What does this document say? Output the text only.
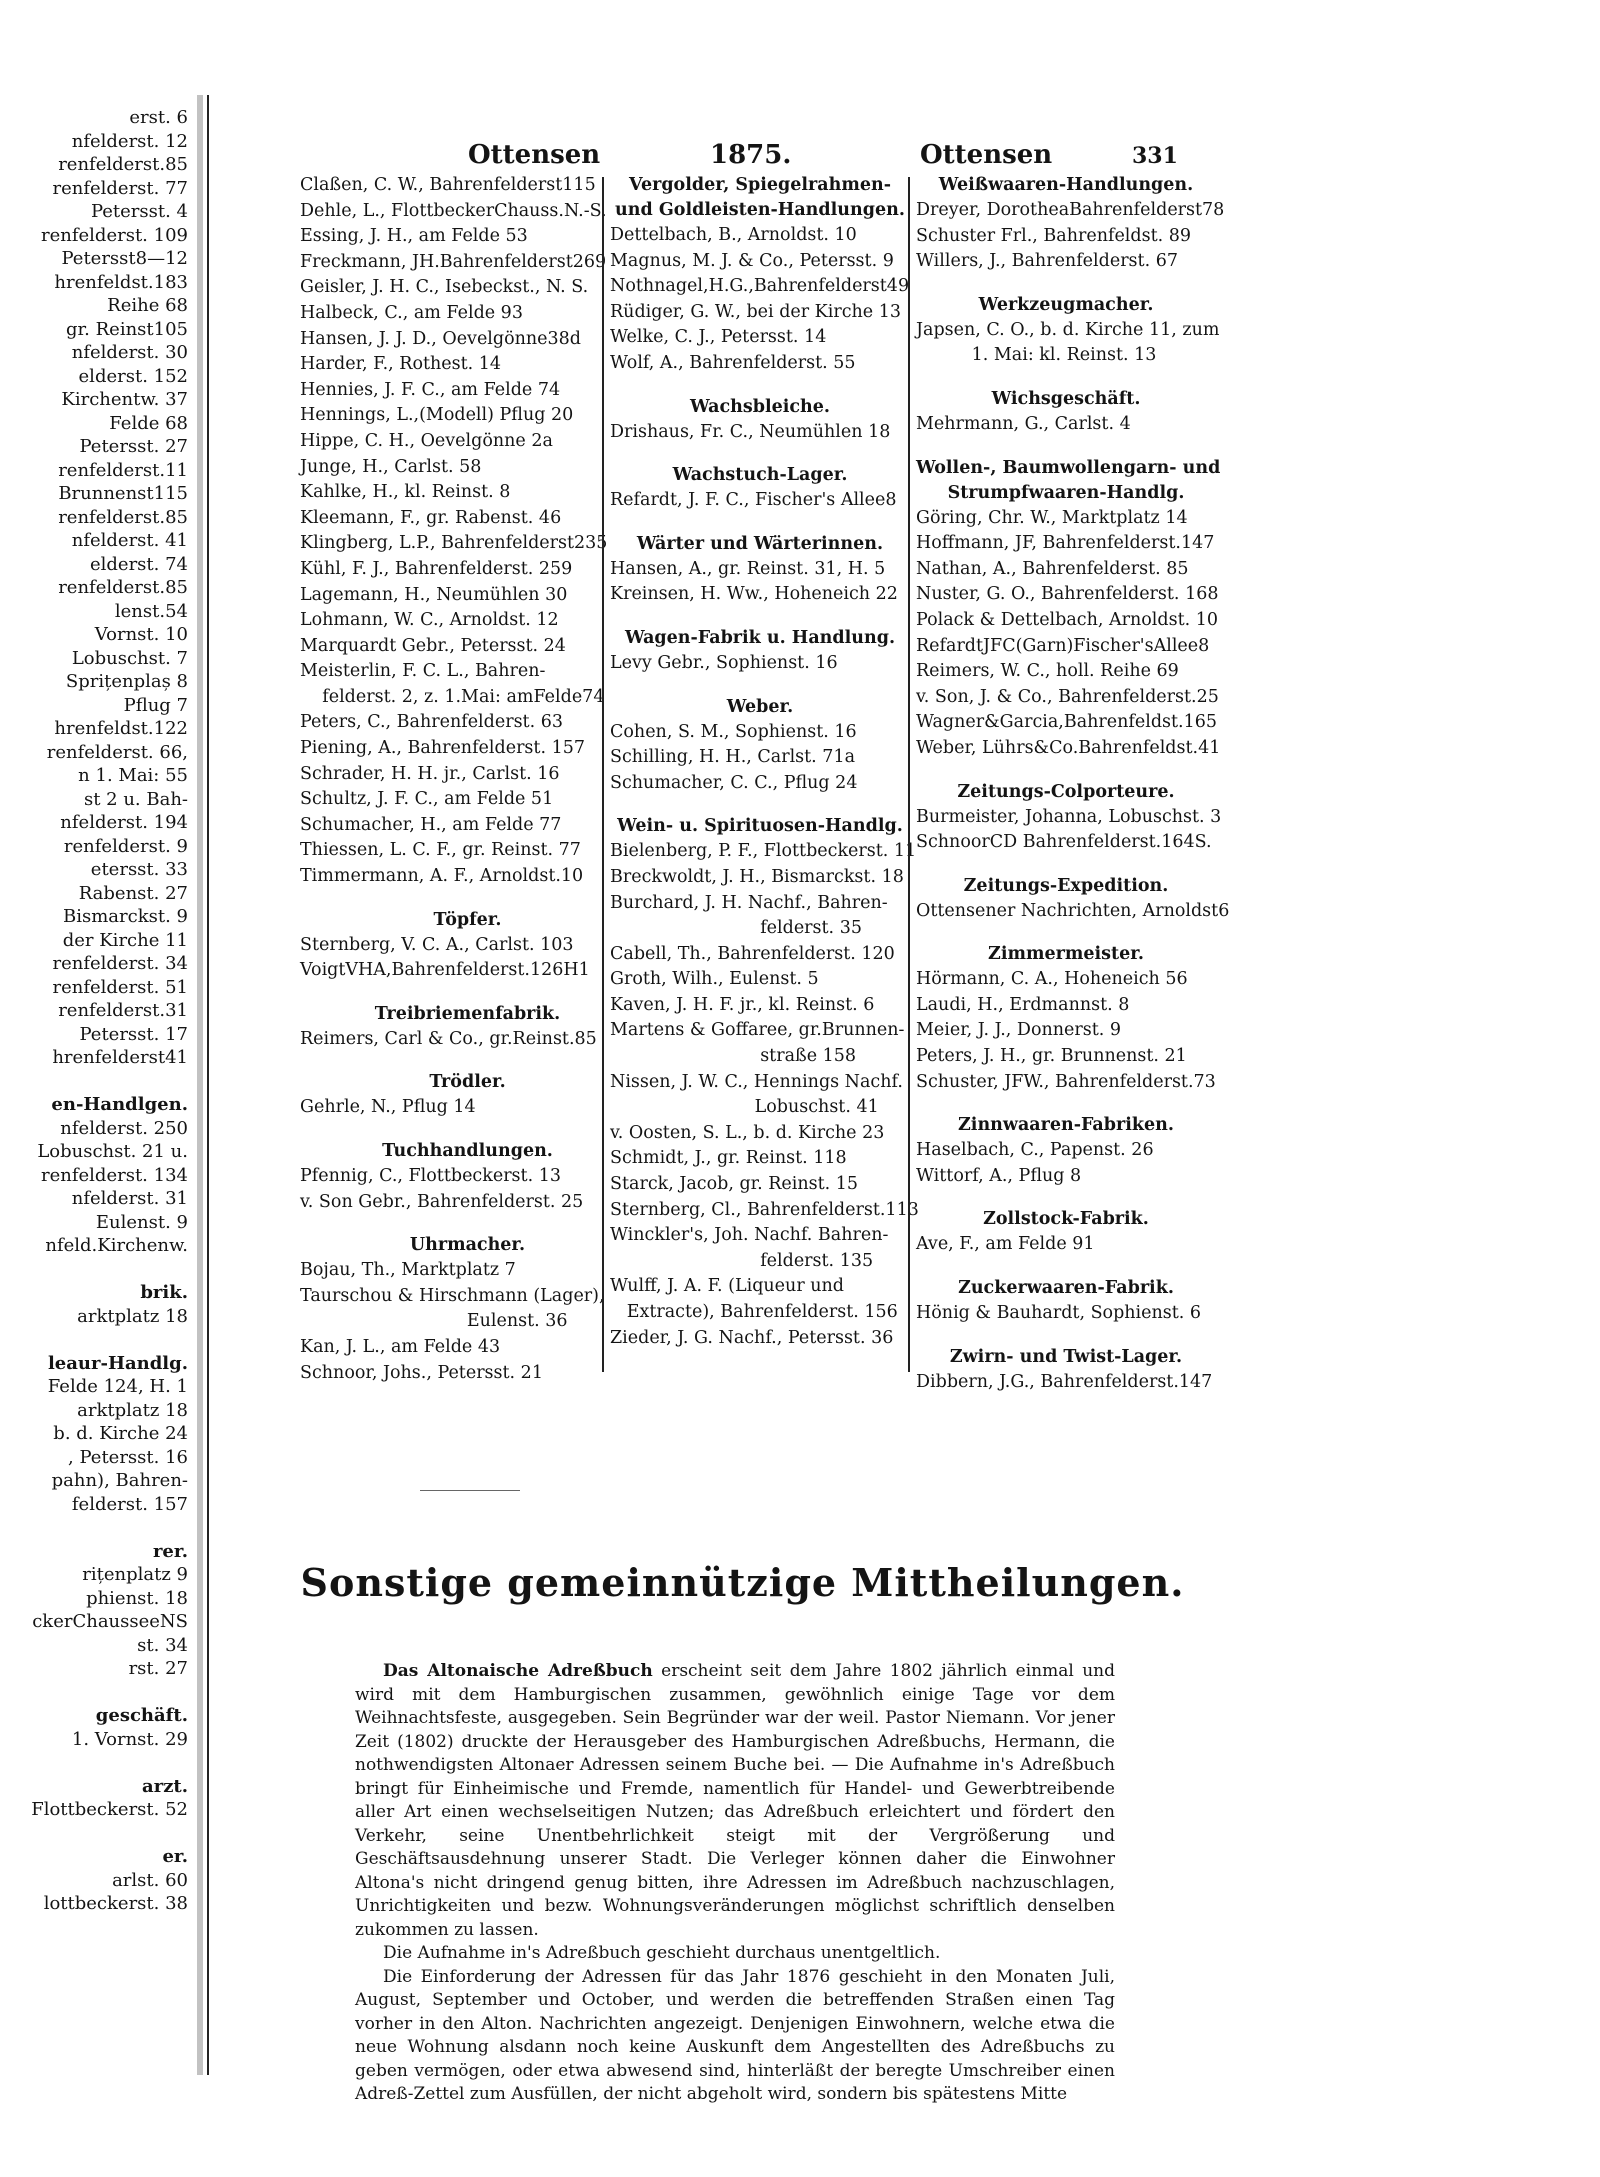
erst. 6
nfelderst. 12
renfelderst.85
renfelderst. 77
Petersst. 4
renfelderst. 109
Petersst8—12
hrenfeldst.183
Reihe 68
gr. Reinst105
nfelderst. 30
elderst. 152
Kirchentw. 37
Felde 68
Petersst. 27
renfelderst.11
Brunnenst115
renfelderst.85
nfelderst. 41
elderst. 74
renfelderst.85
lenst.54
Vornst. 10
Lobuschst. 7
Sprițenplaș 8
Pflug 7
hrenfeldst.122
renfelderst. 66,
n 1. Mai: 55
st 2 u. Bah-
nfelderst. 194
renfelderst. 9
etersst. 33
Rabenst. 27
Bismarckst. 9
der Kirche 11
renfelderst. 34
renfelderst. 51
renfelderst.31
Petersst. 17
hrenfelderst41
en-Handlgen.
nfelderst. 250
Lobuschst. 21 u.
renfelderst. 134
nfelderst. 31
Eulenst. 9
nfeld.Kirchenw.
brik.
arktplatz 18
leaur-Handlg.
Felde 124, H. 1
arktplatz 18
b. d. Kirche 24
, Petersst. 16
pahn), Bahren-
felderst. 157
rer.
rițenplatz 9
phienst. 18
ckerChausseeNS
st. 34
rst. 27
geschäft.
1. Vornst. 29
arzt.
Flottbeckerst. 52
er.
arlst. 60
lottbeckerst. 38
Ottensen	1875.	Ottensen	331
Claßen, C. W., Bahrenfelderst115
Dehle, L., FlottbeckerChauss.N.-S.
Essing, J. H., am Felde 53
Freckmann, JH.Bahrenfelderst269
Geisler, J. H. C., Isebeckst., N. S.
Halbeck, C., am Felde 93
Hansen, J. J. D., Oevelgönne38d
Harder, F., Rothest. 14
Hennies, J. F. C., am Felde 74
Hennings, L.,(Modell) Pflug 20
Hippe, C. H., Oevelgönne 2a
Junge, H., Carlst. 58
Kahlke, H., kl. Reinst. 8
Kleemann, F., gr. Rabenst. 46
Klingberg, L.P., Bahrenfelderst235
Kühl, F. J., Bahrenfelderst. 259
Lagemann, H., Neumühlen 30
Lohmann, W. C., Arnoldst. 12
Marquardt Gebr., Petersst. 24
Meisterlin, F. C. L., Bahren-
felderst. 2, z. 1.Mai: amFelde74
Peters, C., Bahrenfelderst. 63
Piening, A., Bahrenfelderst. 157
Schrader, H. H. jr., Carlst. 16
Schultz, J. F. C., am Felde 51
Schumacher, H., am Felde 77
Thiessen, L. C. F., gr. Reinst. 77
Timmermann, A. F., Arnoldst.10
Töpfer.
Sternberg, V. C. A., Carlst. 103
VoigtVHA,Bahrenfelderst.126H1
Treibriemenfabrik.
Reimers, Carl & Co., gr.Reinst.85
Trödler.
Gehrle, N., Pflug 14
Tuchhandlungen.
Pfennig, C., Flottbeckerst. 13
v. Son Gebr., Bahrenfelderst. 25
Uhrmacher.
Bojau, Th., Marktplatz 7
Taurschou & Hirschmann (Lager),
Eulenst. 36
Kan, J. L., am Felde 43
Schnoor, Johs., Petersst. 21
Vergolder, Spiegelrahmen-
und Goldleisten-Handlungen.
Dettelbach, B., Arnoldst. 10
Magnus, M. J. & Co., Petersst. 9
Nothnagel,H.G.,Bahrenfelderst49
Rüdiger, G. W., bei der Kirche 13
Welke, C. J., Petersst. 14
Wolf, A., Bahrenfelderst. 55
Wachsbleiche.
Drishaus, Fr. C., Neumühlen 18
Wachstuch-Lager.
Refardt, J. F. C., Fischer's Allee8
Wärter und Wärterinnen.
Hansen, A., gr. Reinst. 31, H. 5
Kreinsen, H. Ww., Hoheneich 22
Wagen-Fabrik u. Handlung.
Levy Gebr., Sophienst. 16
Weber.
Cohen, S. M., Sophienst. 16
Schilling, H. H., Carlst. 71a
Schumacher, C. C., Pflug 24
Wein- u. Spirituosen-Handlg.
Bielenberg, P. F., Flottbeckerst. 11
Breckwoldt, J. H., Bismarckst. 18
Burchard, J. H. Nachf., Bahren-
felderst. 35
Cabell, Th., Bahrenfelderst. 120
Groth, Wilh., Eulenst. 5
Kaven, J. H. F. jr., kl. Reinst. 6
Martens & Goffaree, gr.Brunnen-
straße 158
Nissen, J. W. C., Hennings Nachf.
Lobuschst. 41
v. Oosten, S. L., b. d. Kirche 23
Schmidt, J., gr. Reinst. 118
Starck, Jacob, gr. Reinst. 15
Sternberg, Cl., Bahrenfelderst.113
Winckler's, Joh. Nachf. Bahren-
felderst. 135
Wulff, J. A. F. (Liqueur und
Extracte), Bahrenfelderst. 156
Zieder, J. G. Nachf., Petersst. 36
Weißwaaren-Handlungen.
Dreyer, DorotheaBahrenfelderst78
Schuster Frl., Bahrenfeldst. 89
Willers, J., Bahrenfelderst. 67
Werkzeugmacher.
Japsen, C. O., b. d. Kirche 11, zum
1. Mai: kl. Reinst. 13
Wichsgeschäft.
Mehrmann, G., Carlst. 4
Wollen-, Baumwollengarn- und
Strumpfwaaren-Handlg.
Göring, Chr. W., Marktplatz 14
Hoffmann, JF, Bahrenfelderst.147
Nathan, A., Bahrenfelderst. 85
Nuster, G. O., Bahrenfelderst. 168
Polack & Dettelbach, Arnoldst. 10
RefardtJFC(Garn)Fischer'sAllee8
Reimers, W. C., holl. Reihe 69
v. Son, J. & Co., Bahrenfelderst.25
Wagner&Garcia,Bahrenfeldst.165
Weber, Lührs&Co.Bahrenfeldst.41
Zeitungs-Colporteure.
Burmeister, Johanna, Lobuschst. 3
SchnoorCD Bahrenfelderst.164S.
Zeitungs-Expedition.
Ottensener Nachrichten, Arnoldst6
Zimmermeister.
Hörmann, C. A., Hoheneich 56
Laudi, H., Erdmannst. 8
Meier, J. J., Donnerst. 9
Peters, J. H., gr. Brunnenst. 21
Schuster, JFW., Bahrenfelderst.73
Zinnwaaren-Fabriken.
Haselbach, C., Papenst. 26
Wittorf, A., Pflug 8
Zollstock-Fabrik.
Ave, F., am Felde 91
Zuckerwaaren-Fabrik.
Hönig & Bauhardt, Sophienst. 6
Zwirn- und Twist-Lager.
Dibbern, J.G., Bahrenfelderst.147
Sonstige gemeinnützige Mittheilungen.

Das Altonaische Adreßbuch erscheint seit dem Jahre 1802 jährlich einmal und wird mit dem Hamburgischen zusammen, gewöhnlich einige Tage vor dem Weihnachtsfeste, ausgegeben. Sein Begründer war der weil. Pastor Niemann. Vor jener Zeit (1802) druckte der Herausgeber des Hamburgischen Adreßbuchs, Hermann, die nothwendigsten Altonaer Adressen seinem Buche bei. — Die Aufnahme in's Adreßbuch bringt für Einheimische und Fremde, namentlich für Handel- und Gewerbtreibende aller Art einen wechselseitigen Nutzen; das Adreßbuch erleichtert und fördert den Verkehr, seine Unentbehrlichkeit steigt mit der Vergrößerung und Geschäftsausdehnung unserer Stadt. Die Verleger können daher die Einwohner Altona's nicht dringend genug bitten, ihre Adressen im Adreßbuch nachzuschlagen, Unrichtigkeiten und bezw. Wohnungsveränderungen möglichst schriftlich denselben zukommen zu lassen.

Die Aufnahme in's Adreßbuch geschieht durchaus unentgeltlich.

Die Einforderung der Adressen für das Jahr 1876 geschieht in den Monaten Juli, August, September und October, und werden die betreffenden Straßen einen Tag vorher in den Alton. Nachrichten angezeigt. Denjenigen Einwohnern, welche etwa die neue Wohnung alsdann noch keine Auskunft dem Angestellten des Adreßbuchs zu geben vermögen, oder etwa abwesend sind, hinterläßt der beregte Umschreiber einen Adreß-Zettel zum Ausfüllen, der nicht abgeholt wird, sondern bis spätestens Mitte
